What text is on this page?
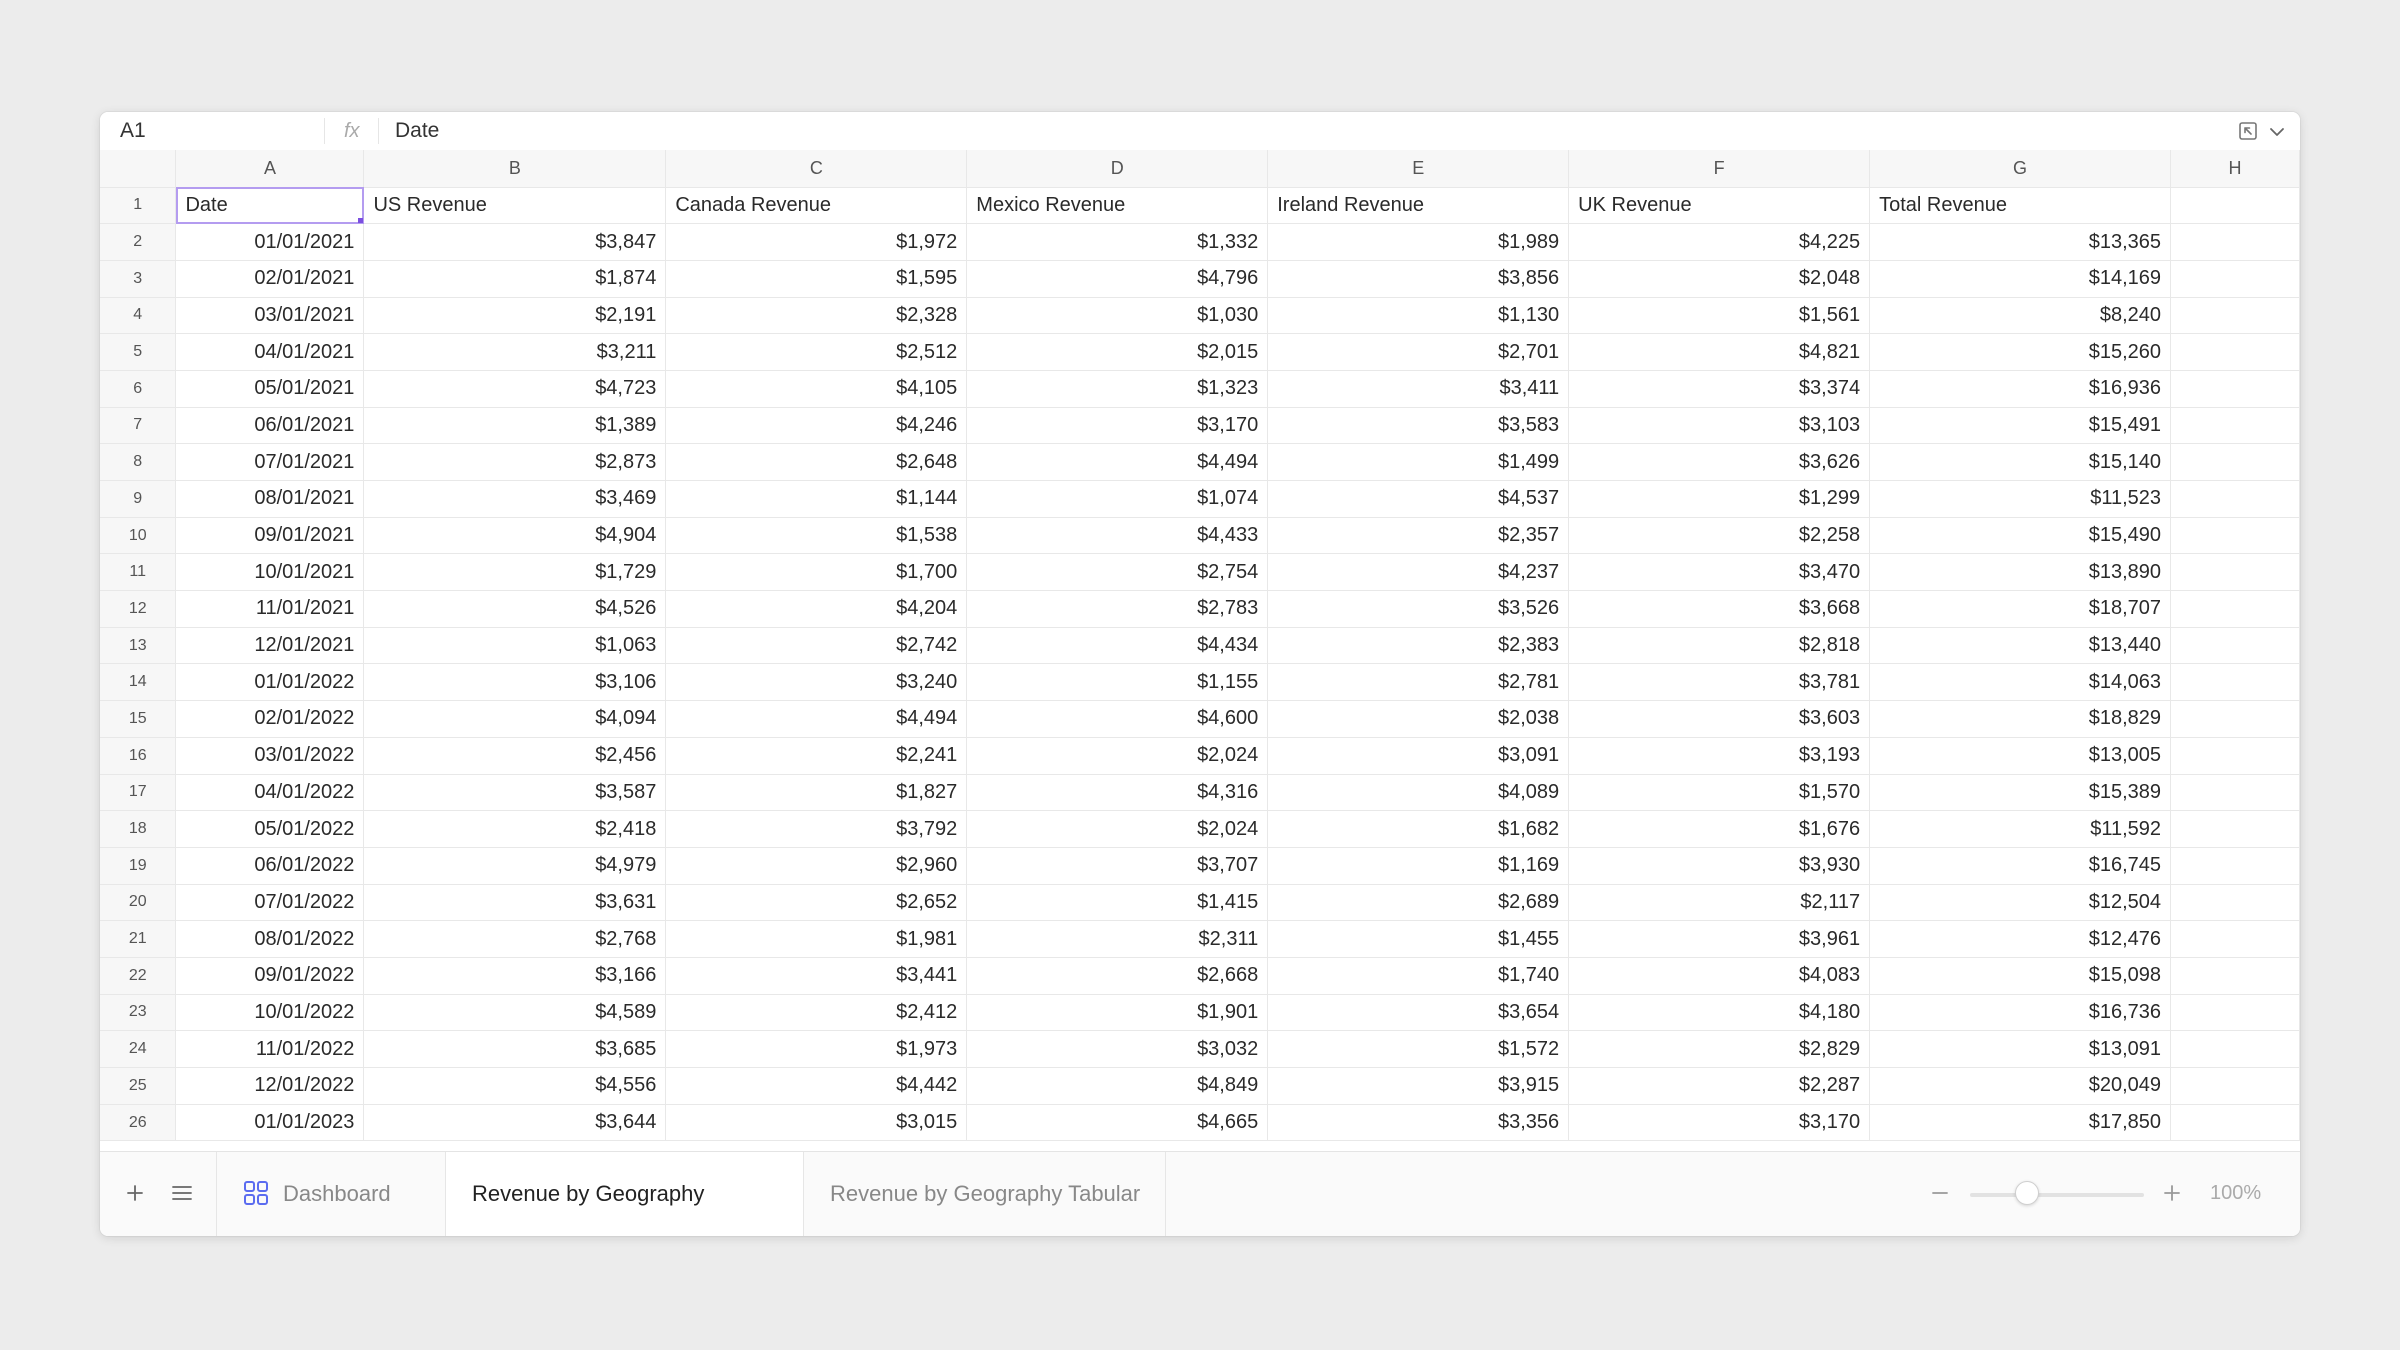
A1	fx Date
	A	B	C	D	E	F	G	H
1	Date	US Revenue	Canada Revenue	Mexico Revenue	Ireland Revenue	UK Revenue	Total Revenue	
2	01/01/2021	$3,847	$1,972	$1,332	$1,989	$4,225	$13,365	
3	02/01/2021	$1,874	$1,595	$4,796	$3,856	$2,048	$14,169	
4	03/01/2021	$2,191	$2,328	$1,030	$1,130	$1,561	$8,240	
5	04/01/2021	$3,211	$2,512	$2,015	$2,701	$4,821	$15,260	
6	05/01/2021	$4,723	$4,105	$1,323	$3,411	$3,374	$16,936	
7	06/01/2021	$1,389	$4,246	$3,170	$3,583	$3,103	$15,491	
8	07/01/2021	$2,873	$2,648	$4,494	$1,499	$3,626	$15,140	
9	08/01/2021	$3,469	$1,144	$1,074	$4,537	$1,299	$11,523	
10	09/01/2021	$4,904	$1,538	$4,433	$2,357	$2,258	$15,490	
11	10/01/2021	$1,729	$1,700	$2,754	$4,237	$3,470	$13,890	
12	11/01/2021	$4,526	$4,204	$2,783	$3,526	$3,668	$18,707	
13	12/01/2021	$1,063	$2,742	$4,434	$2,383	$2,818	$13,440	
14	01/01/2022	$3,106	$3,240	$1,155	$2,781	$3,781	$14,063	
15	02/01/2022	$4,094	$4,494	$4,600	$2,038	$3,603	$18,829	
16	03/01/2022	$2,456	$2,241	$2,024	$3,091	$3,193	$13,005	
17	04/01/2022	$3,587	$1,827	$4,316	$4,089	$1,570	$15,389	
18	05/01/2022	$2,418	$3,792	$2,024	$1,682	$1,676	$11,592	
19	06/01/2022	$4,979	$2,960	$3,707	$1,169	$3,930	$16,745	
20	07/01/2022	$3,631	$2,652	$1,415	$2,689	$2,117	$12,504	
21	08/01/2022	$2,768	$1,981	$2,311	$1,455	$3,961	$12,476	
22	09/01/2022	$3,166	$3,441	$2,668	$1,740	$4,083	$15,098	
23	10/01/2022	$4,589	$2,412	$1,901	$3,654	$4,180	$16,736	
24	11/01/2022	$3,685	$1,973	$3,032	$1,572	$2,829	$13,091	
25	12/01/2022	$4,556	$4,442	$4,849	$3,915	$2,287	$20,049	
26	01/01/2023	$3,644	$3,015	$4,665	$3,356	$3,170	$17,850	
Dashboard	Revenue by Geography	Revenue by Geography Tabular	100%
